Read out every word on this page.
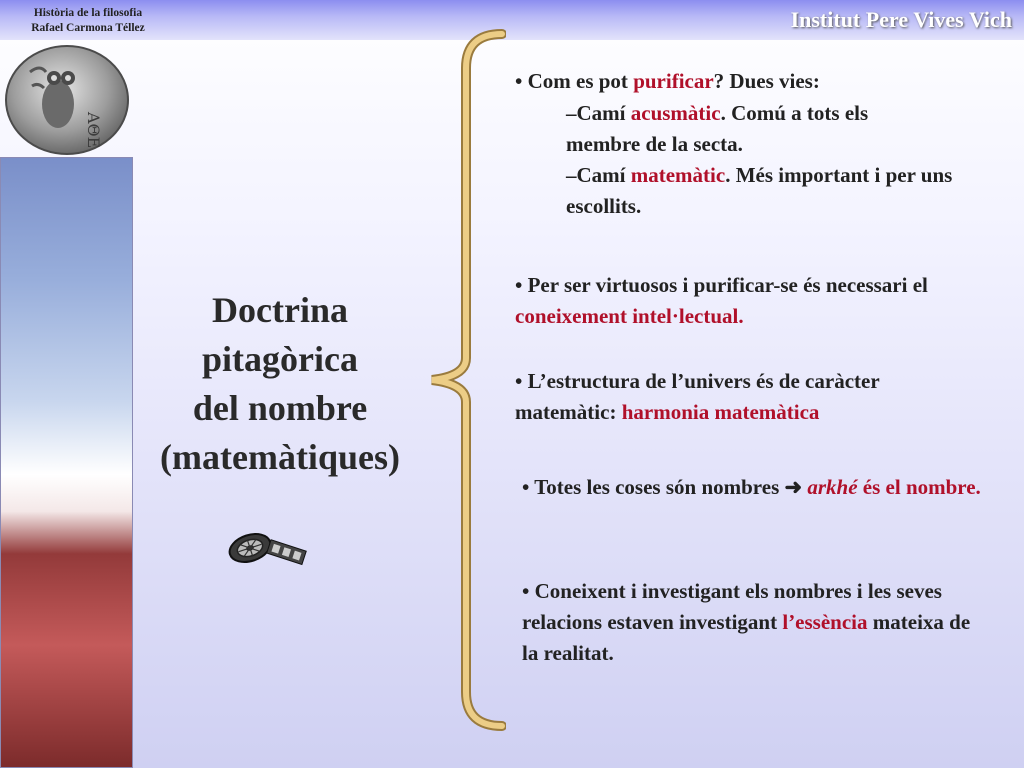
Història de la filosofia
Rafael Carmona Téllez	Institut Pere Vives Vich
ΑΘΕ
Doctrina
pitagòrica
del nombre
(matemàtiques)
• Com es pot purificar? Dues vies:
–Camí acusmàtic. Comú a tots els membre de la secta.
–Camí matemàtic. Més important i per uns escollits.
• Per ser virtuosos i purificar-se és necessari el coneixement intel·lectual.
• L’estructura de l’univers és de caràcter matemàtic: harmonia matemàtica
• Totes les coses són nombres ➜ arkhé és el nombre.
• Coneixent i investigant els nombres i les seves relacions estaven investigant l’essència mateixa de la realitat.
